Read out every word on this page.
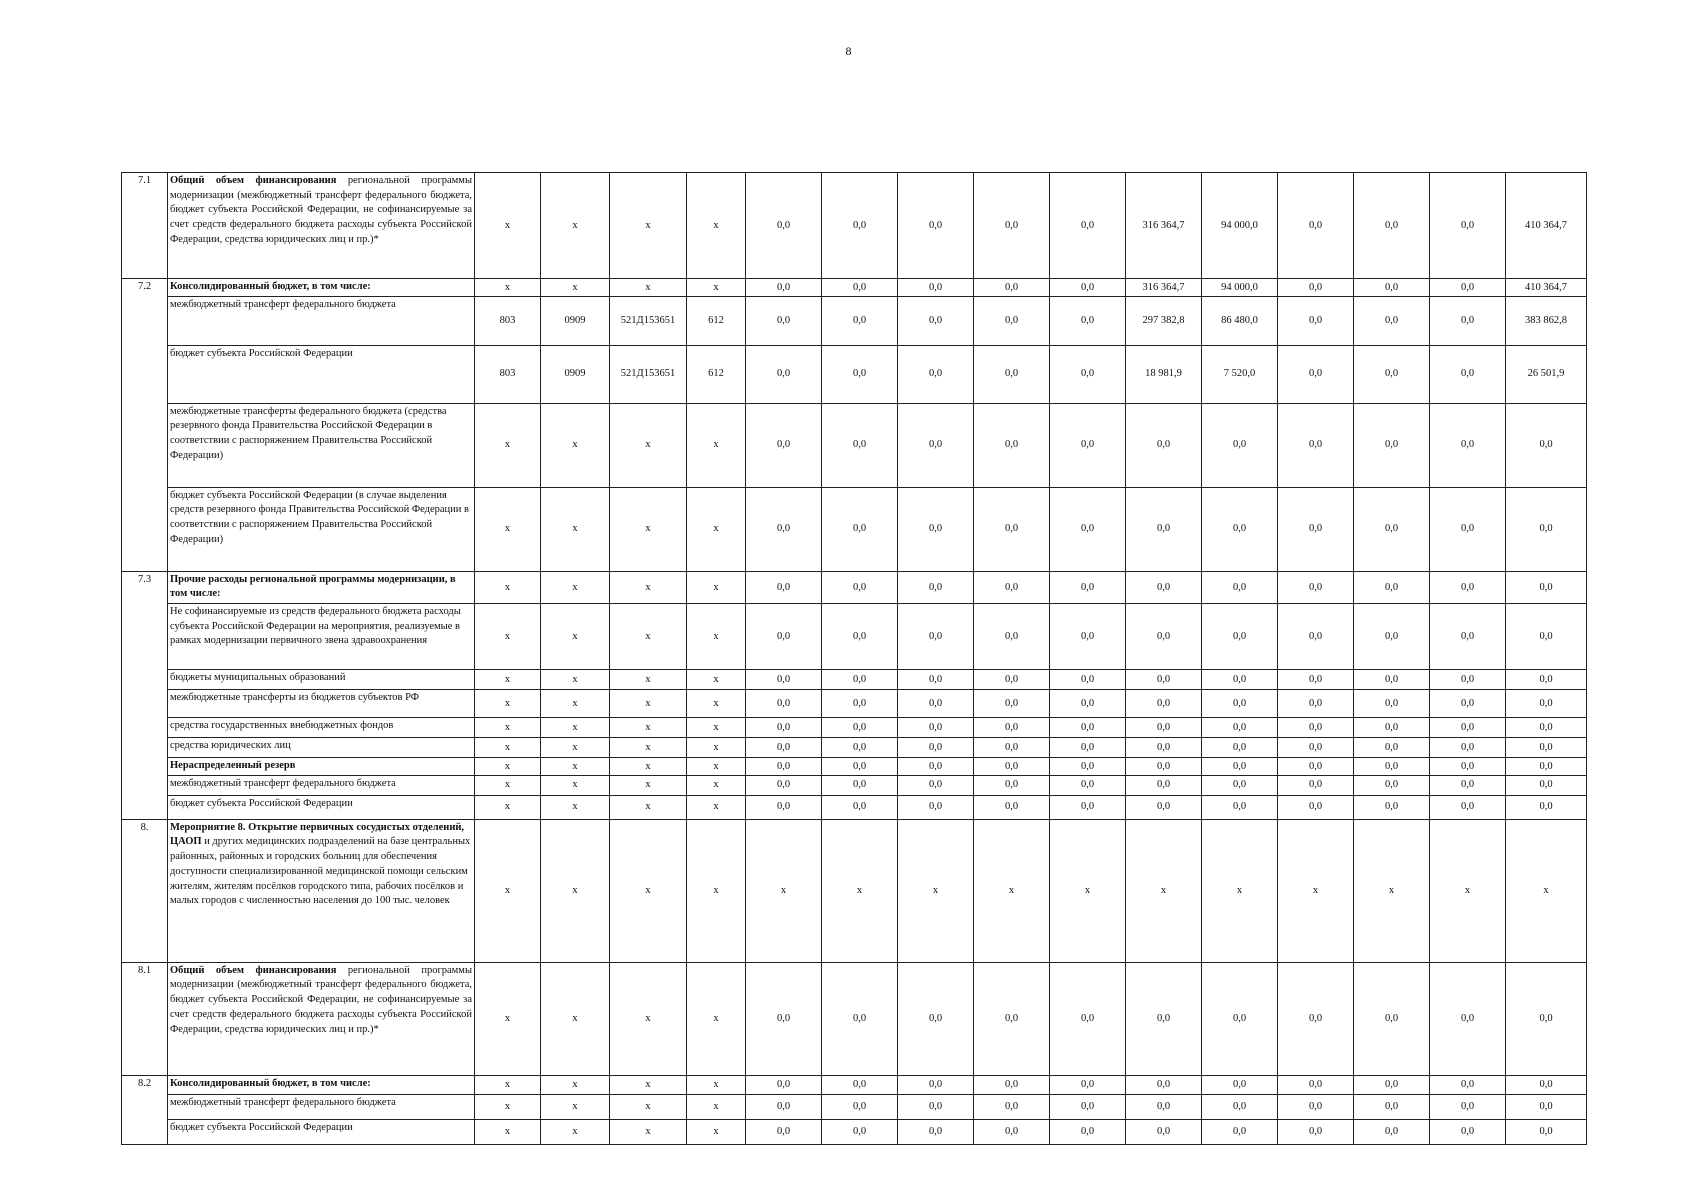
8
7.1	Общий объем финансирования региональной программы модернизации (межбюджетный трансферт федерального бюджета, бюджет субъекта Российской Федерации, не софинансируемые за счет средств федерального бюджета расходы субъекта Российской Федерации, средства юридических лиц и пр.)*	x	x	x	x	0,0	0,0	0,0	0,0	0,0	316 364,7	94 000,0	0,0	0,0	0,0	410 364,7
7.2	Консолидированный бюджет, в том числе:	x	x	x	x	0,0	0,0	0,0	0,0	0,0	316 364,7	94 000,0	0,0	0,0	0,0	410 364,7
	межбюджетный трансферт федерального бюджета	803	0909	521Д153651	612	0,0	0,0	0,0	0,0	0,0	297 382,8	86 480,0	0,0	0,0	0,0	383 862,8
	бюджет субъекта Российской Федерации	803	0909	521Д153651	612	0,0	0,0	0,0	0,0	0,0	18 981,9	7 520,0	0,0	0,0	0,0	26 501,9
	межбюджетные трансферты федерального бюджета (средства резервного фонда Правительства Российской Федерации в соответствии с распоряжением Правительства Российской Федерации)	x	x	x	x	0,0	0,0	0,0	0,0	0,0	0,0	0,0	0,0	0,0	0,0	0,0
	бюджет субъекта Российской Федерации (в случае выделения средств резервного фонда Правительства Российской Федерации в соответствии с распоряжением Правительства Российской Федерации)	x	x	x	x	0,0	0,0	0,0	0,0	0,0	0,0	0,0	0,0	0,0	0,0	0,0
7.3	Прочие расходы региональной программы модернизации, в том числе:	x	x	x	x	0,0	0,0	0,0	0,0	0,0	0,0	0,0	0,0	0,0	0,0	0,0
	Не софинансируемые из средств федерального бюджета расходы субъекта Российской Федерации на мероприятия, реализуемые в рамках модернизации первичного звена здравоохранения	x	x	x	x	0,0	0,0	0,0	0,0	0,0	0,0	0,0	0,0	0,0	0,0	0,0
	бюджеты муниципальных образований	x	x	x	x	0,0	0,0	0,0	0,0	0,0	0,0	0,0	0,0	0,0	0,0	0,0
	межбюджетные трансферты из бюджетов субъектов РФ	x	x	x	x	0,0	0,0	0,0	0,0	0,0	0,0	0,0	0,0	0,0	0,0	0,0
	средства государственных внебюджетных фондов	x	x	x	x	0,0	0,0	0,0	0,0	0,0	0,0	0,0	0,0	0,0	0,0	0,0
	средства юридических лиц	x	x	x	x	0,0	0,0	0,0	0,0	0,0	0,0	0,0	0,0	0,0	0,0	0,0
	Нераспределенный резерв	x	x	x	x	0,0	0,0	0,0	0,0	0,0	0,0	0,0	0,0	0,0	0,0	0,0
	межбюджетный трансферт федерального бюджета	x	x	x	x	0,0	0,0	0,0	0,0	0,0	0,0	0,0	0,0	0,0	0,0	0,0
	бюджет субъекта Российской Федерации	x	x	x	x	0,0	0,0	0,0	0,0	0,0	0,0	0,0	0,0	0,0	0,0	0,0
8.	Мероприятие 8. Открытие первичных сосудистых отделений, ЦАОП и других медицинских подразделений на базе центральных районных, районных и городских больниц для обеспечения доступности специализированной медицинской помощи сельским жителям, жителям посёлков городского типа, рабочих посёлков и малых городов с численностью населения до 100 тыс. человек	x	x	x	x	x	x	x	x	x	x	x	x	x	x	x
8.1	Общий объем финансирования региональной программы модернизации (межбюджетный трансферт федерального бюджета, бюджет субъекта Российской Федерации, не софинансируемые за счет средств федерального бюджета расходы субъекта Российской Федерации, средства юридических лиц и пр.)*	x	x	x	x	0,0	0,0	0,0	0,0	0,0	0,0	0,0	0,0	0,0	0,0	0,0
8.2	Консолидированный бюджет, в том числе:	x	x	x	x	0,0	0,0	0,0	0,0	0,0	0,0	0,0	0,0	0,0	0,0	0,0
	межбюджетный трансферт федерального бюджета	x	x	x	x	0,0	0,0	0,0	0,0	0,0	0,0	0,0	0,0	0,0	0,0	0,0
	бюджет субъекта Российской Федерации	x	x	x	x	0,0	0,0	0,0	0,0	0,0	0,0	0,0	0,0	0,0	0,0	0,0
